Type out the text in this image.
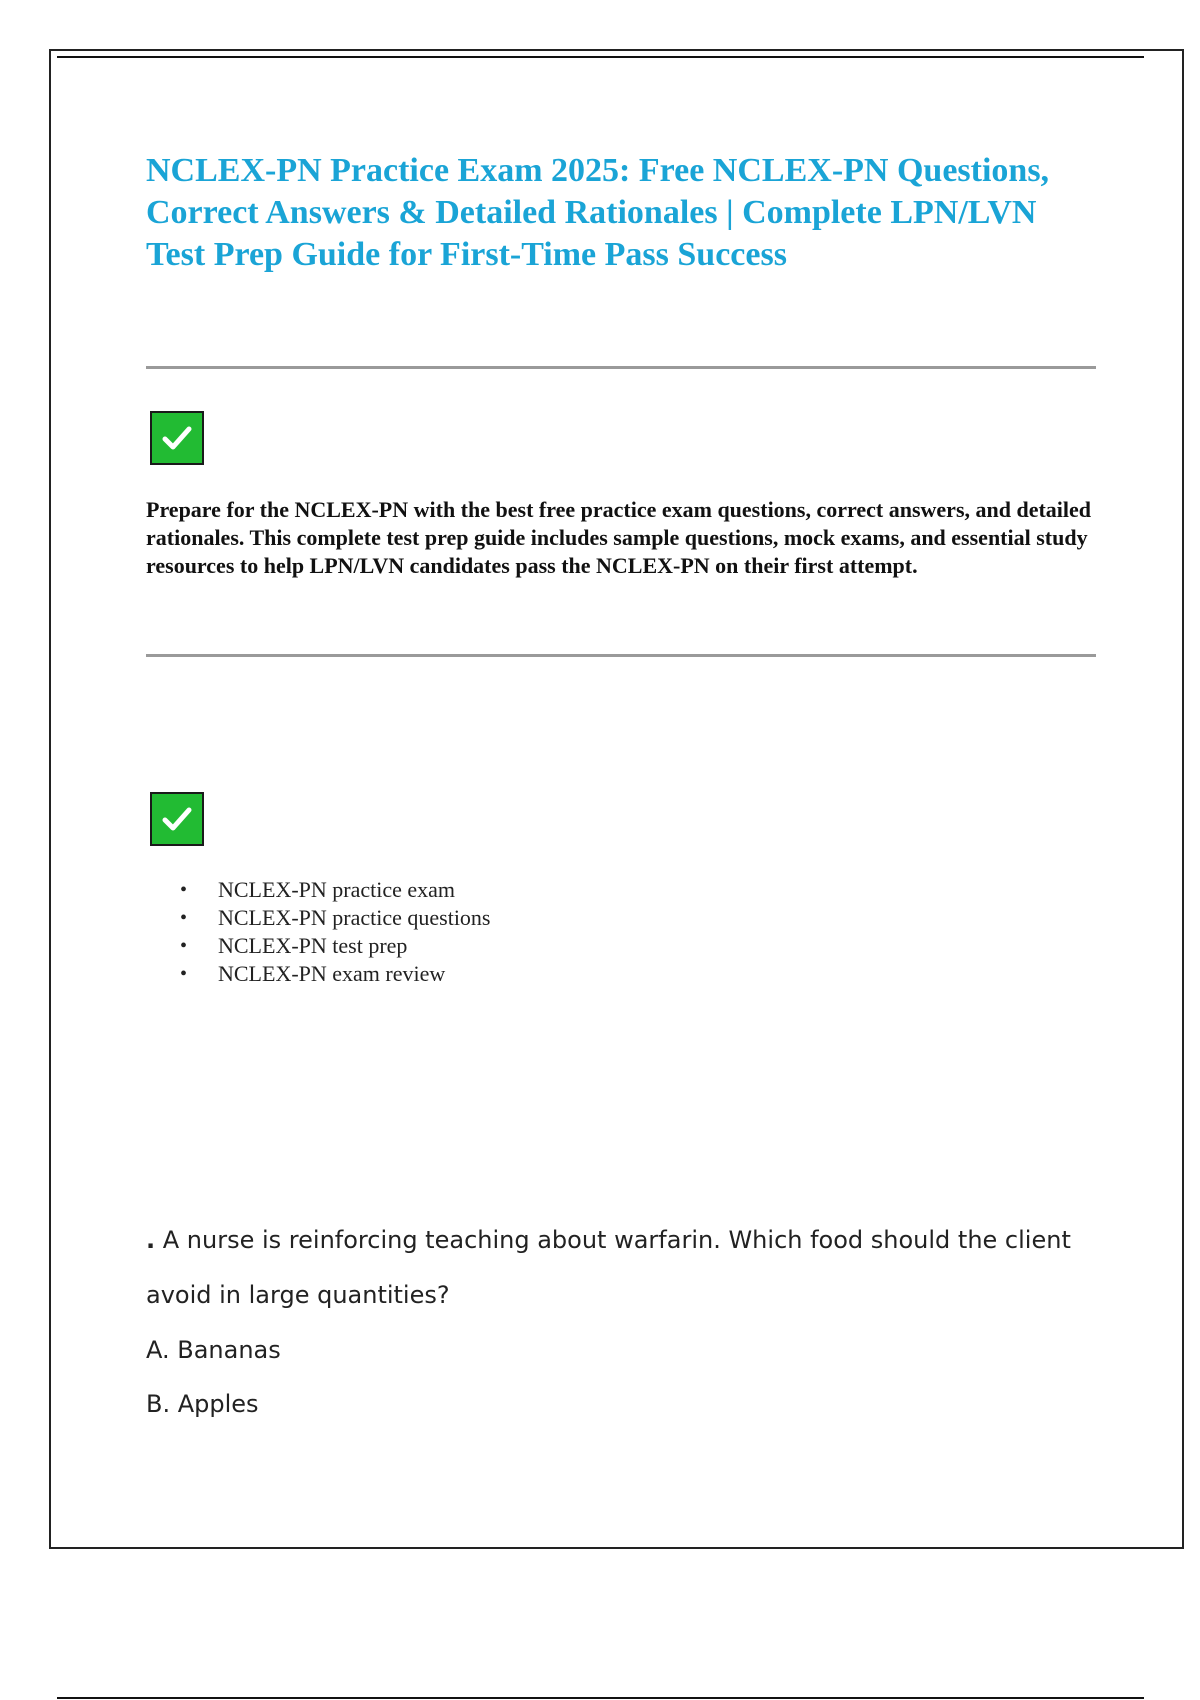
NCLEX-PN Practice Exam 2025: Free NCLEX-PN Questions, Correct Answers & Detailed Rationales | Complete LPN/LVN Test Prep Guide for First-Time Pass Success

Prepare for the NCLEX-PN with the best free practice exam questions, correct answers, and detailed rationales. This complete test prep guide includes sample questions, mock exams, and essential study resources to help LPN/LVN candidates pass the NCLEX-PN on their first attempt.

• NCLEX-PN practice exam
• NCLEX-PN practice questions
• NCLEX-PN test prep
• NCLEX-PN exam review

. A nurse is reinforcing teaching about warfarin. Which food should the client avoid in large quantities?

A. Bananas

B. Apples
